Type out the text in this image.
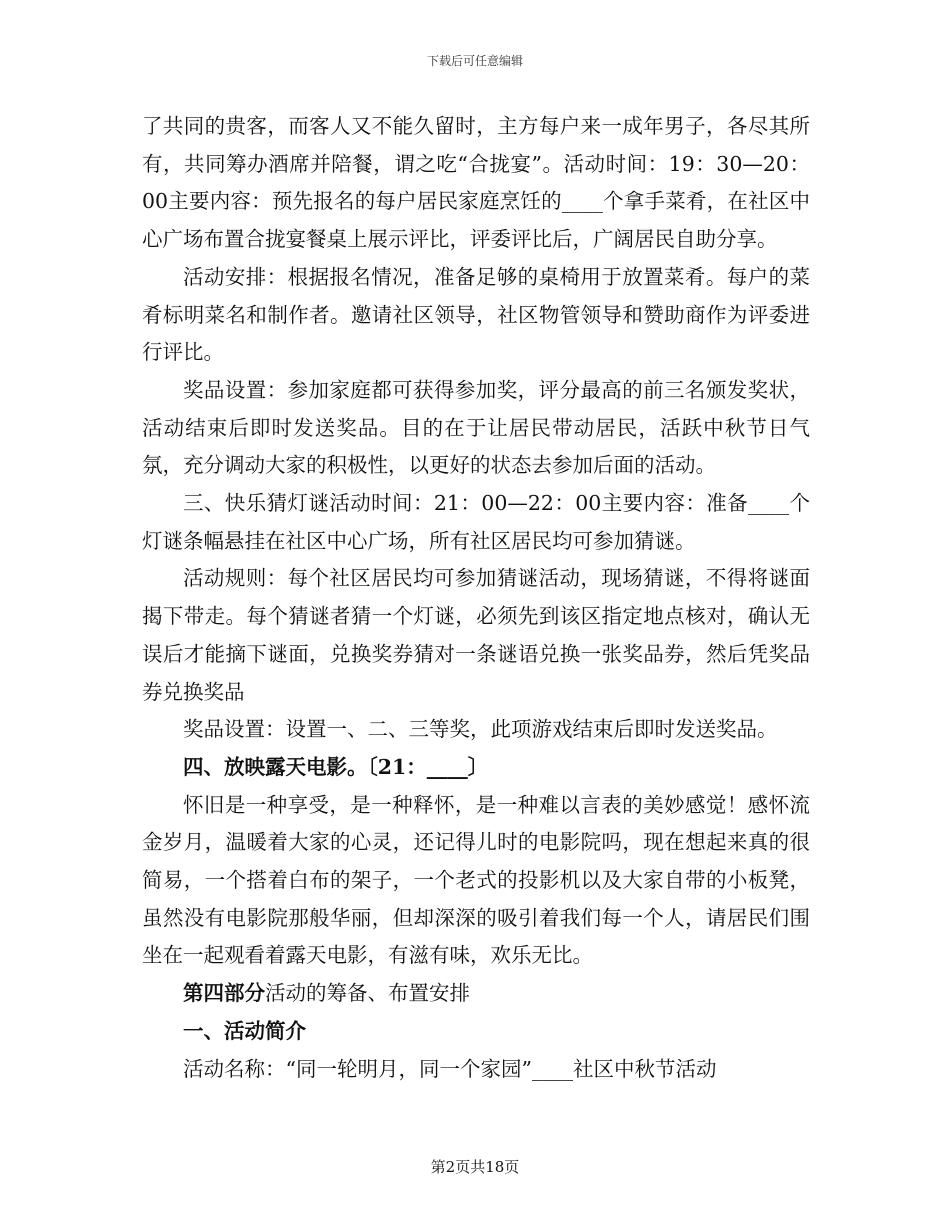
下载后可任意编辑

了共同的贵客，而客人又不能久留时，主方每户来一成年男子，各尽其所有，共同筹办酒席并陪餐，谓之吃“合拢宴”。活动时间：19：30—20：00主要内容：预先报名的每户居民家庭烹饪的____个拿手菜肴，在社区中心广场布置合拢宴餐桌上展示评比，评委评比后，广阔居民自助分享。

活动安排：根据报名情况，准备足够的桌椅用于放置菜肴。每户的菜肴标明菜名和制作者。邀请社区领导，社区物管领导和赞助商作为评委进行评比。

奖品设置：参加家庭都可获得参加奖，评分最高的前三名颁发奖状，活动结束后即时发送奖品。目的在于让居民带动居民，活跃中秋节日气氛，充分调动大家的积极性，以更好的状态去参加后面的活动。

三、快乐猜灯谜活动时间：21：00—22：00主要内容：准备____个灯谜条幅悬挂在社区中心广场，所有社区居民均可参加猜谜。

活动规则：每个社区居民均可参加猜谜活动，现场猜谜，不得将谜面揭下带走。每个猜谜者猜一个灯谜，必须先到该区指定地点核对，确认无误后才能摘下谜面，兑换奖券猜对一条谜语兑换一张奖品券，然后凭奖品券兑换奖品

奖品设置：设置一、二、三等奖，此项游戏结束后即时发送奖品。

四、放映露天电影。〔21：____〕

怀旧是一种享受，是一种释怀，是一种难以言表的美妙感觉！感怀流金岁月，温暖着大家的心灵，还记得儿时的电影院吗，现在想起来真的很简易，一个搭着白布的架子，一个老式的投影机以及大家自带的小板凳，虽然没有电影院那般华丽，但却深深的吸引着我们每一个人，请居民们围坐在一起观看着露天电影，有滋有味，欢乐无比。

第四部分活动的筹备、布置安排

一、活动简介

活动名称：“同一轮明月，同一个家园”____社区中秋节活动

第2页共18页
